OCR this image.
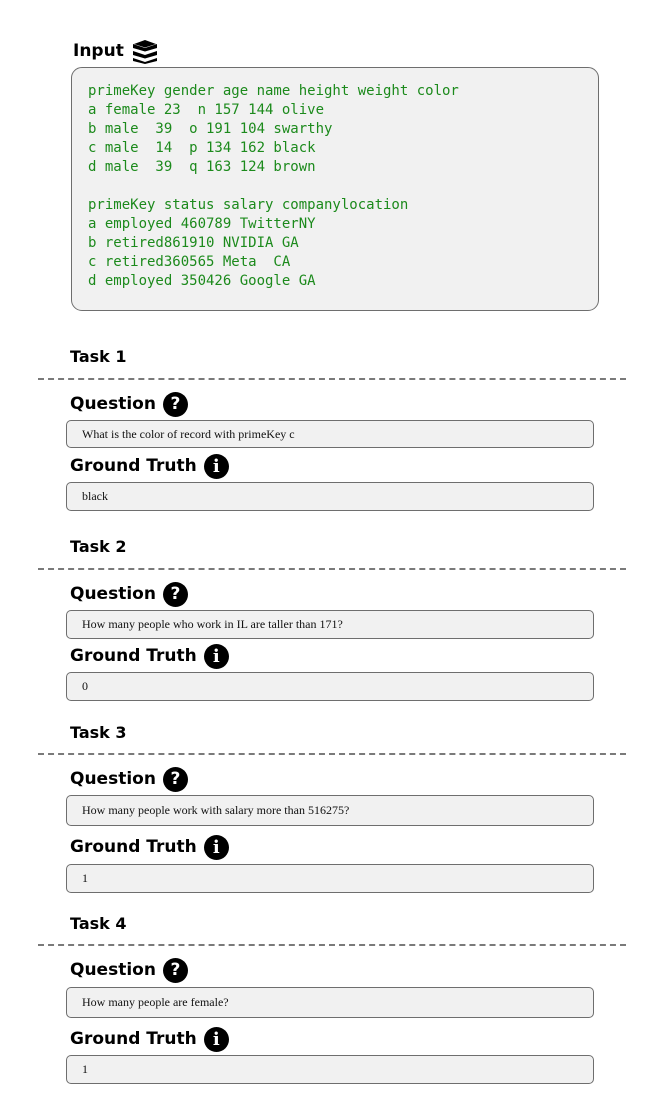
Input
primeKey gender age name height weight color
a female 23  n 157 144 olive
b male  39  o 191 104 swarthy
c male  14  p 134 162 black
d male  39  q 163 124 brown
primeKey status salary companylocation
a employed 460789 TwitterNY
b retired861910 NVIDIA GA
c retired360565 Meta  CA
d employed 350426 Google GA
Task 1
Question ?
What is the color of record with primeKey c
Ground Truth i
black
Task 2
Question ?
How many people who work in IL are taller than 171?
Ground Truth i
0
Task 3
Question ?
How many people work with salary more than 516275?
Ground Truth i
1
Task 4
Question ?
How many people are female?
Ground Truth i
1
